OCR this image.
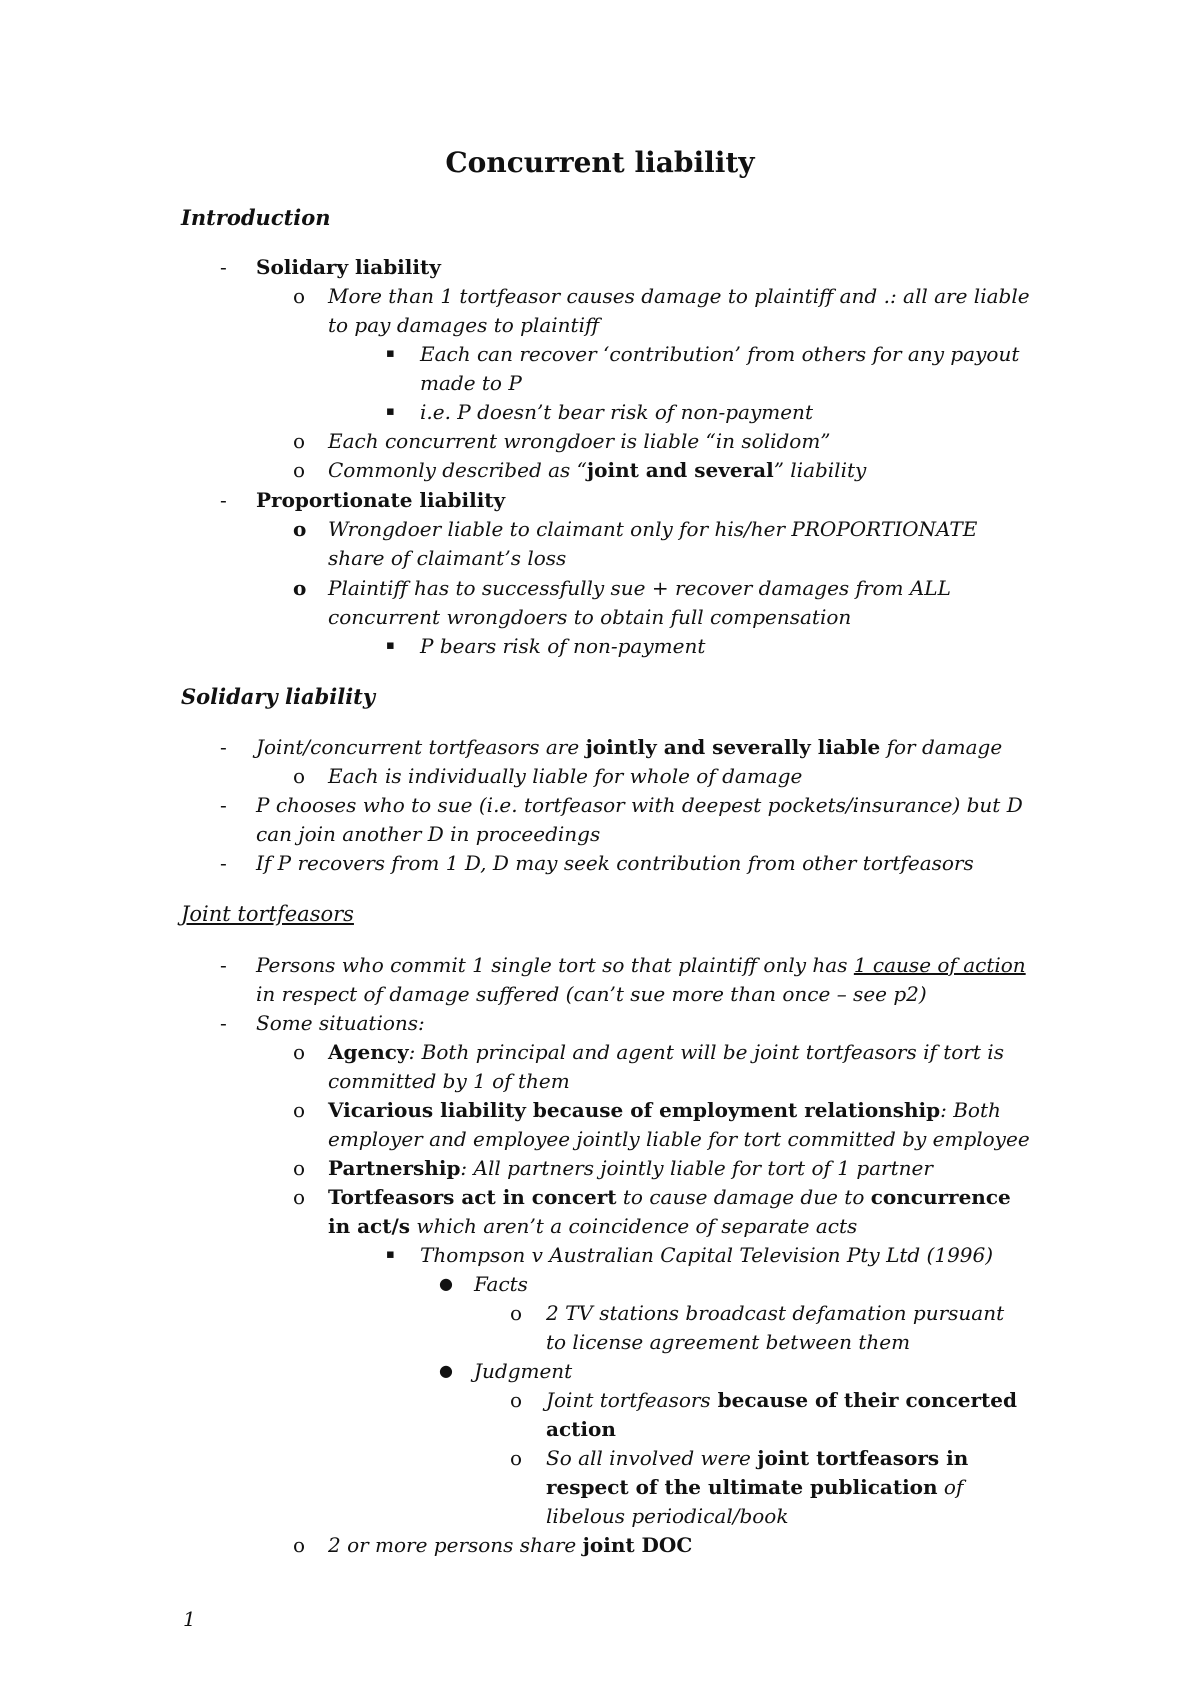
Concurrent liability
Introduction
- Solidary liability
o More than 1 tortfeasor causes damage to plaintiff and .: all are liable
to pay damages to plaintiff
▪ Each can recover ‘contribution’ from others for any payout
made to P
▪ i.e. P doesn’t bear risk of non-payment
o Each concurrent wrongdoer is liable “in solidom”
o Commonly described as “joint and several” liability
- Proportionate liability
o Wrongdoer liable to claimant only for his/her PROPORTIONATE
share of claimant’s loss
o Plaintiff has to successfully sue + recover damages from ALL
concurrent wrongdoers to obtain full compensation
▪ P bears risk of non-payment
Solidary liability
- Joint/concurrent tortfeasors are jointly and severally liable for damage
o Each is individually liable for whole of damage
- P chooses who to sue (i.e. tortfeasor with deepest pockets/insurance) but D
can join another D in proceedings
- If P recovers from 1 D, D may seek contribution from other tortfeasors
Joint tortfeasors
- Persons who commit 1 single tort so that plaintiff only has 1 cause of action
in respect of damage suffered (can’t sue more than once – see p2)
- Some situations:
o Agency: Both principal and agent will be joint tortfeasors if tort is
committed by 1 of them
o Vicarious liability because of employment relationship: Both
employer and employee jointly liable for tort committed by employee
o Partnership: All partners jointly liable for tort of 1 partner
o Tortfeasors act in concert to cause damage due to concurrence
in act/s which aren’t a coincidence of separate acts
▪ Thompson v Australian Capital Television Pty Ltd (1996)
● Facts
o 2 TV stations broadcast defamation pursuant
to license agreement between them
● Judgment
o Joint tortfeasors because of their concerted
action
o So all involved were joint tortfeasors in
respect of the ultimate publication of
libelous periodical/book
o 2 or more persons share joint DOC
1
